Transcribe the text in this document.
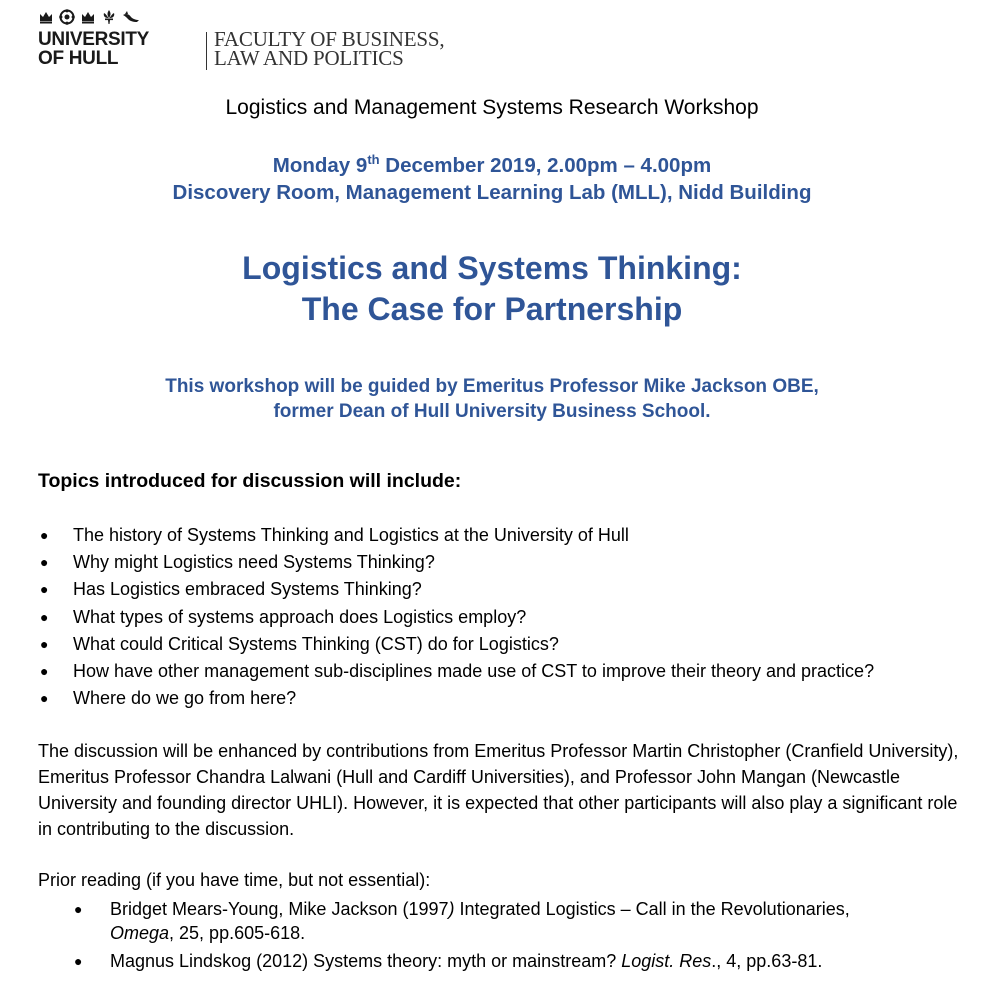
UNIVERSITY
OF HULL
FACULTY OF BUSINESS,
LAW AND POLITICS
Logistics and Management Systems Research Workshop
Monday 9th December 2019, 2.00pm – 4.00pm
Discovery Room, Management Learning Lab (MLL), Nidd Building
Logistics and Systems Thinking:
The Case for Partnership
This workshop will be guided by Emeritus Professor Mike Jackson OBE,
former Dean of Hull University Business School.
Topics introduced for discussion will include:
● The history of Systems Thinking and Logistics at the University of Hull
● Why might Logistics need Systems Thinking?
● Has Logistics embraced Systems Thinking?
● What types of systems approach does Logistics employ?
● What could Critical Systems Thinking (CST) do for Logistics?
● How have other management sub-disciplines made use of CST to improve their theory and practice?
● Where do we go from here?

The discussion will be enhanced by contributions from Emeritus Professor Martin Christopher (Cranfield University), Emeritus Professor Chandra Lalwani (Hull and Cardiff Universities), and Professor John Mangan (Newcastle University and founding director UHLI). However, it is expected that other participants will also play a significant role in contributing to the discussion.

Prior reading (if you have time, but not essential):

● Bridget Mears-Young, Mike Jackson (1997) Integrated Logistics – Call in the Revolutionaries,
Omega, 25, pp.605-618.
● Magnus Lindskog (2012) Systems theory: myth or mainstream? Logist. Res., 4, pp.63-81.
